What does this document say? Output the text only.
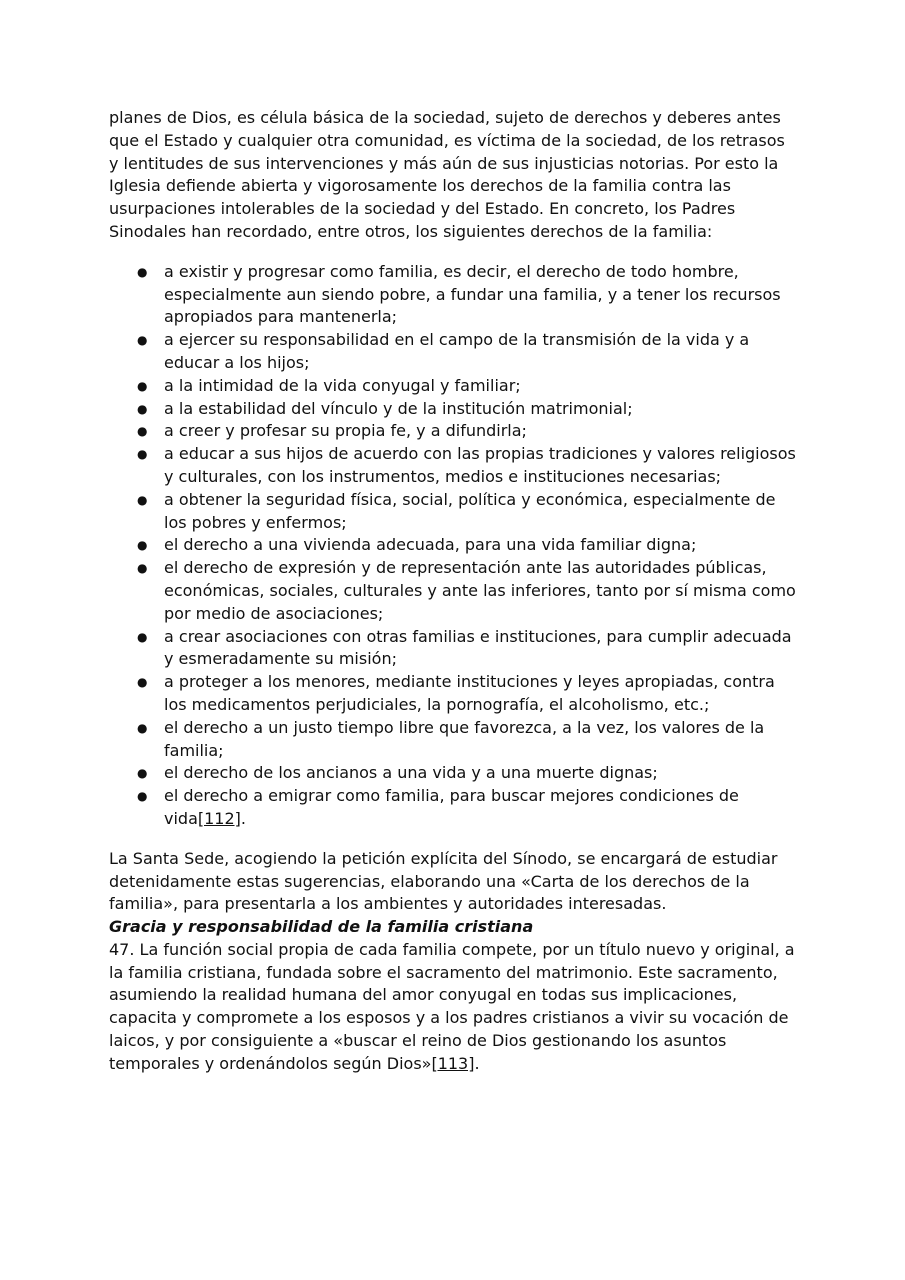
planes de Dios, es célula básica de la sociedad, sujeto de derechos y deberes antes que el Estado y cualquier otra comunidad, es víctima de la sociedad, de los retrasos y lentitudes de sus intervenciones y más aún de sus injusticias notorias. Por esto la Iglesia defiende abierta y vigorosamente los derechos de la familia contra las usurpaciones intolerables de la sociedad y del Estado. En concreto, los Padres Sinodales han recordado, entre otros, los siguientes derechos de la familia:

● a existir y progresar como familia, es decir, el derecho de todo hombre, especialmente aun siendo pobre, a fundar una familia, y a tener los recursos apropiados para mantenerla;
● a ejercer su responsabilidad en el campo de la transmisión de la vida y a educar a los hijos;
● a la intimidad de la vida conyugal y familiar;
● a la estabilidad del vínculo y de la institución matrimonial;
● a creer y profesar su propia fe, y a difundirla;
● a educar a sus hijos de acuerdo con las propias tradiciones y valores religiosos y culturales, con los instrumentos, medios e instituciones necesarias;
● a obtener la seguridad física, social, política y económica, especialmente de los pobres y enfermos;
● el derecho a una vivienda adecuada, para una vida familiar digna;
● el derecho de expresión y de representación ante las autoridades públicas, económicas, sociales, culturales y ante las inferiores, tanto por sí misma como por medio de asociaciones;
● a crear asociaciones con otras familias e instituciones, para cumplir adecuada y esmeradamente su misión;
● a proteger a los menores, mediante instituciones y leyes apropiadas, contra los medicamentos perjudiciales, la pornografía, el alcoholismo, etc.;
● el derecho a un justo tiempo libre que favorezca, a la vez, los valores de la familia;
● el derecho de los ancianos a una vida y a una muerte dignas;
● el derecho a emigrar como familia, para buscar mejores condiciones de vida[112].

La Santa Sede, acogiendo la petición explícita del Sínodo, se encargará de estudiar detenidamente estas sugerencias, elaborando una «Carta de los derechos de la familia», para presentarla a los ambientes y autoridades interesadas.

Gracia y responsabilidad de la familia cristiana

47. La función social propia de cada familia compete, por un título nuevo y original, a la familia cristiana, fundada sobre el sacramento del matrimonio. Este sacramento, asumiendo la realidad humana del amor conyugal en todas sus implicaciones, capacita y compromete a los esposos y a los padres cristianos a vivir su vocación de laicos, y por consiguiente a «buscar el reino de Dios gestionando los asuntos temporales y ordenándolos según Dios»[113].
